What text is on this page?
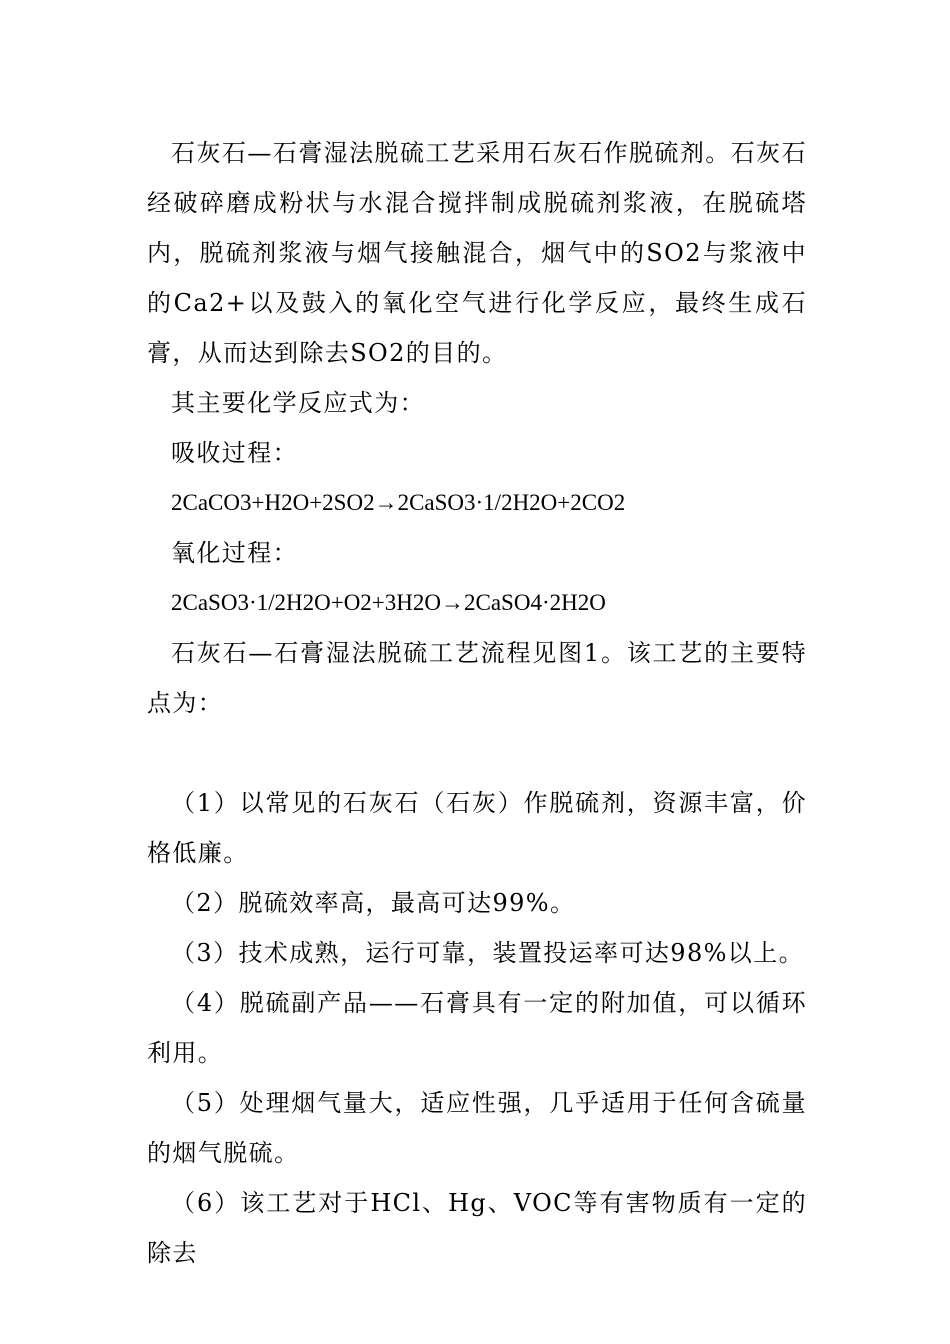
石灰石—石膏湿法脱硫工艺采用石灰石作脱硫剂。石灰石经破碎磨成粉状与水混合搅拌制成脱硫剂浆液，在脱硫塔内，脱硫剂浆液与烟气接触混合，烟气中的SO2与浆液中的Ca2+以及鼓入的氧化空气进行化学反应，最终生成石膏，从而达到除去SO2的目的。

其主要化学反应式为：

吸收过程：

2CaCO3+H2O+2SO2→2CaSO3·1/2H2O+2CO2

氧化过程：

2CaSO3·1/2H2O+O2+3H2O→2CaSO4·2H2O

石灰石—石膏湿法脱硫工艺流程见图1。该工艺的主要特点为：

（1）以常见的石灰石（石灰）作脱硫剂，资源丰富，价格低廉。

（2）脱硫效率高，最高可达99%。

（3）技术成熟，运行可靠，装置投运率可达98%以上。

（4）脱硫副产品——石膏具有一定的附加值，可以循环利用。

（5）处理烟气量大，适应性强，几乎适用于任何含硫量的烟气脱硫。

（6）该工艺对于HCl、Hg、VOC等有害物质有一定的除去
